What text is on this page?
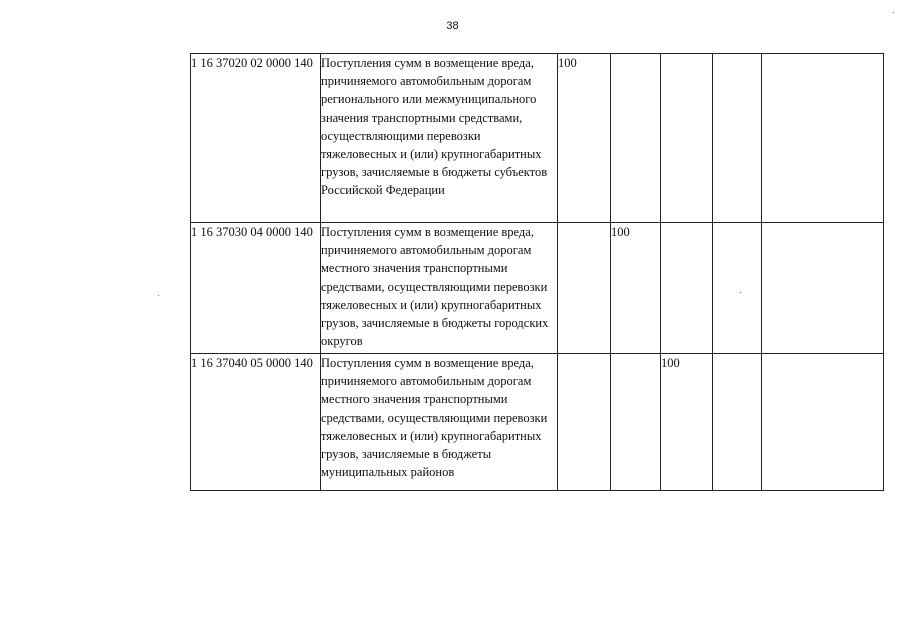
38
1 16 37020 02 0000 140	Поступления сумм в возмещение вреда, причиняемого автомобильным дорогам регионального или межмуниципального значения транспортными средствами, осуществляющими перевозки тяжеловесных и (или) крупногабаритных грузов, зачисляемые в бюджеты субъектов Российской Федерации	100				
1 16 37030 04 0000 140	Поступления сумм в возмещение вреда, причиняемого автомобильным дорогам местного значения транспортными средствами, осуществляющими перевозки тяжеловесных и (или) крупногабаритных грузов, зачисляемые в бюджеты городских округов		100			
1 16 37040 05 0000 140	Поступления сумм в возмещение вреда, причиняемого автомобильным дорогам местного значения транспортными средствами, осуществляющими перевозки тяжеловесных и (или) крупногабаритных грузов, зачисляемые в бюджеты муниципальных районов			100		
